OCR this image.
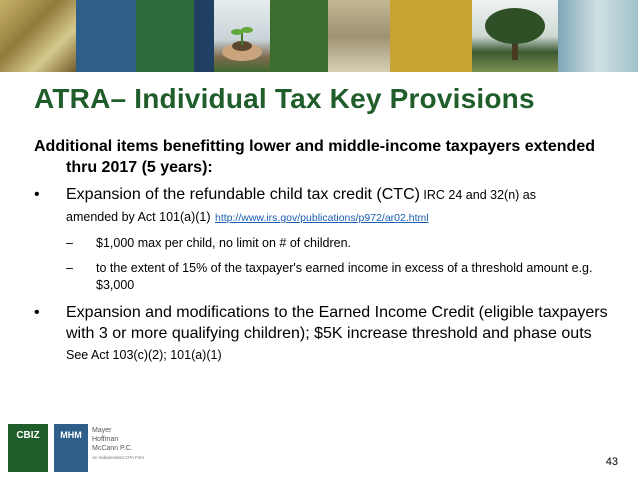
ATRA– Individual Tax Key Provisions

Additional items benefitting lower and middle-income taxpayers extended thru 2017 (5 years):

• Expansion of the refundable child tax credit (CTC) IRC 24 and 32(n) as
amended by Act 101(a)(1) http://www.irs.gov/publications/p972/ar02.html
– $1,000 max per child, no limit on # of children.
– to the extent of 15% of the taxpayer's earned income in excess of a threshold amount e.g. $3,000
• Expansion and modifications to the Earned Income Credit (eligible taxpayers with 3 or more qualifying children); $5K increase threshold and phase outs See Act 103(c)(2); 101(a)(1)
CBIZ	MHM	Mayer
Hoffman
McCann P.C.
An Independent CPA Firm	43
